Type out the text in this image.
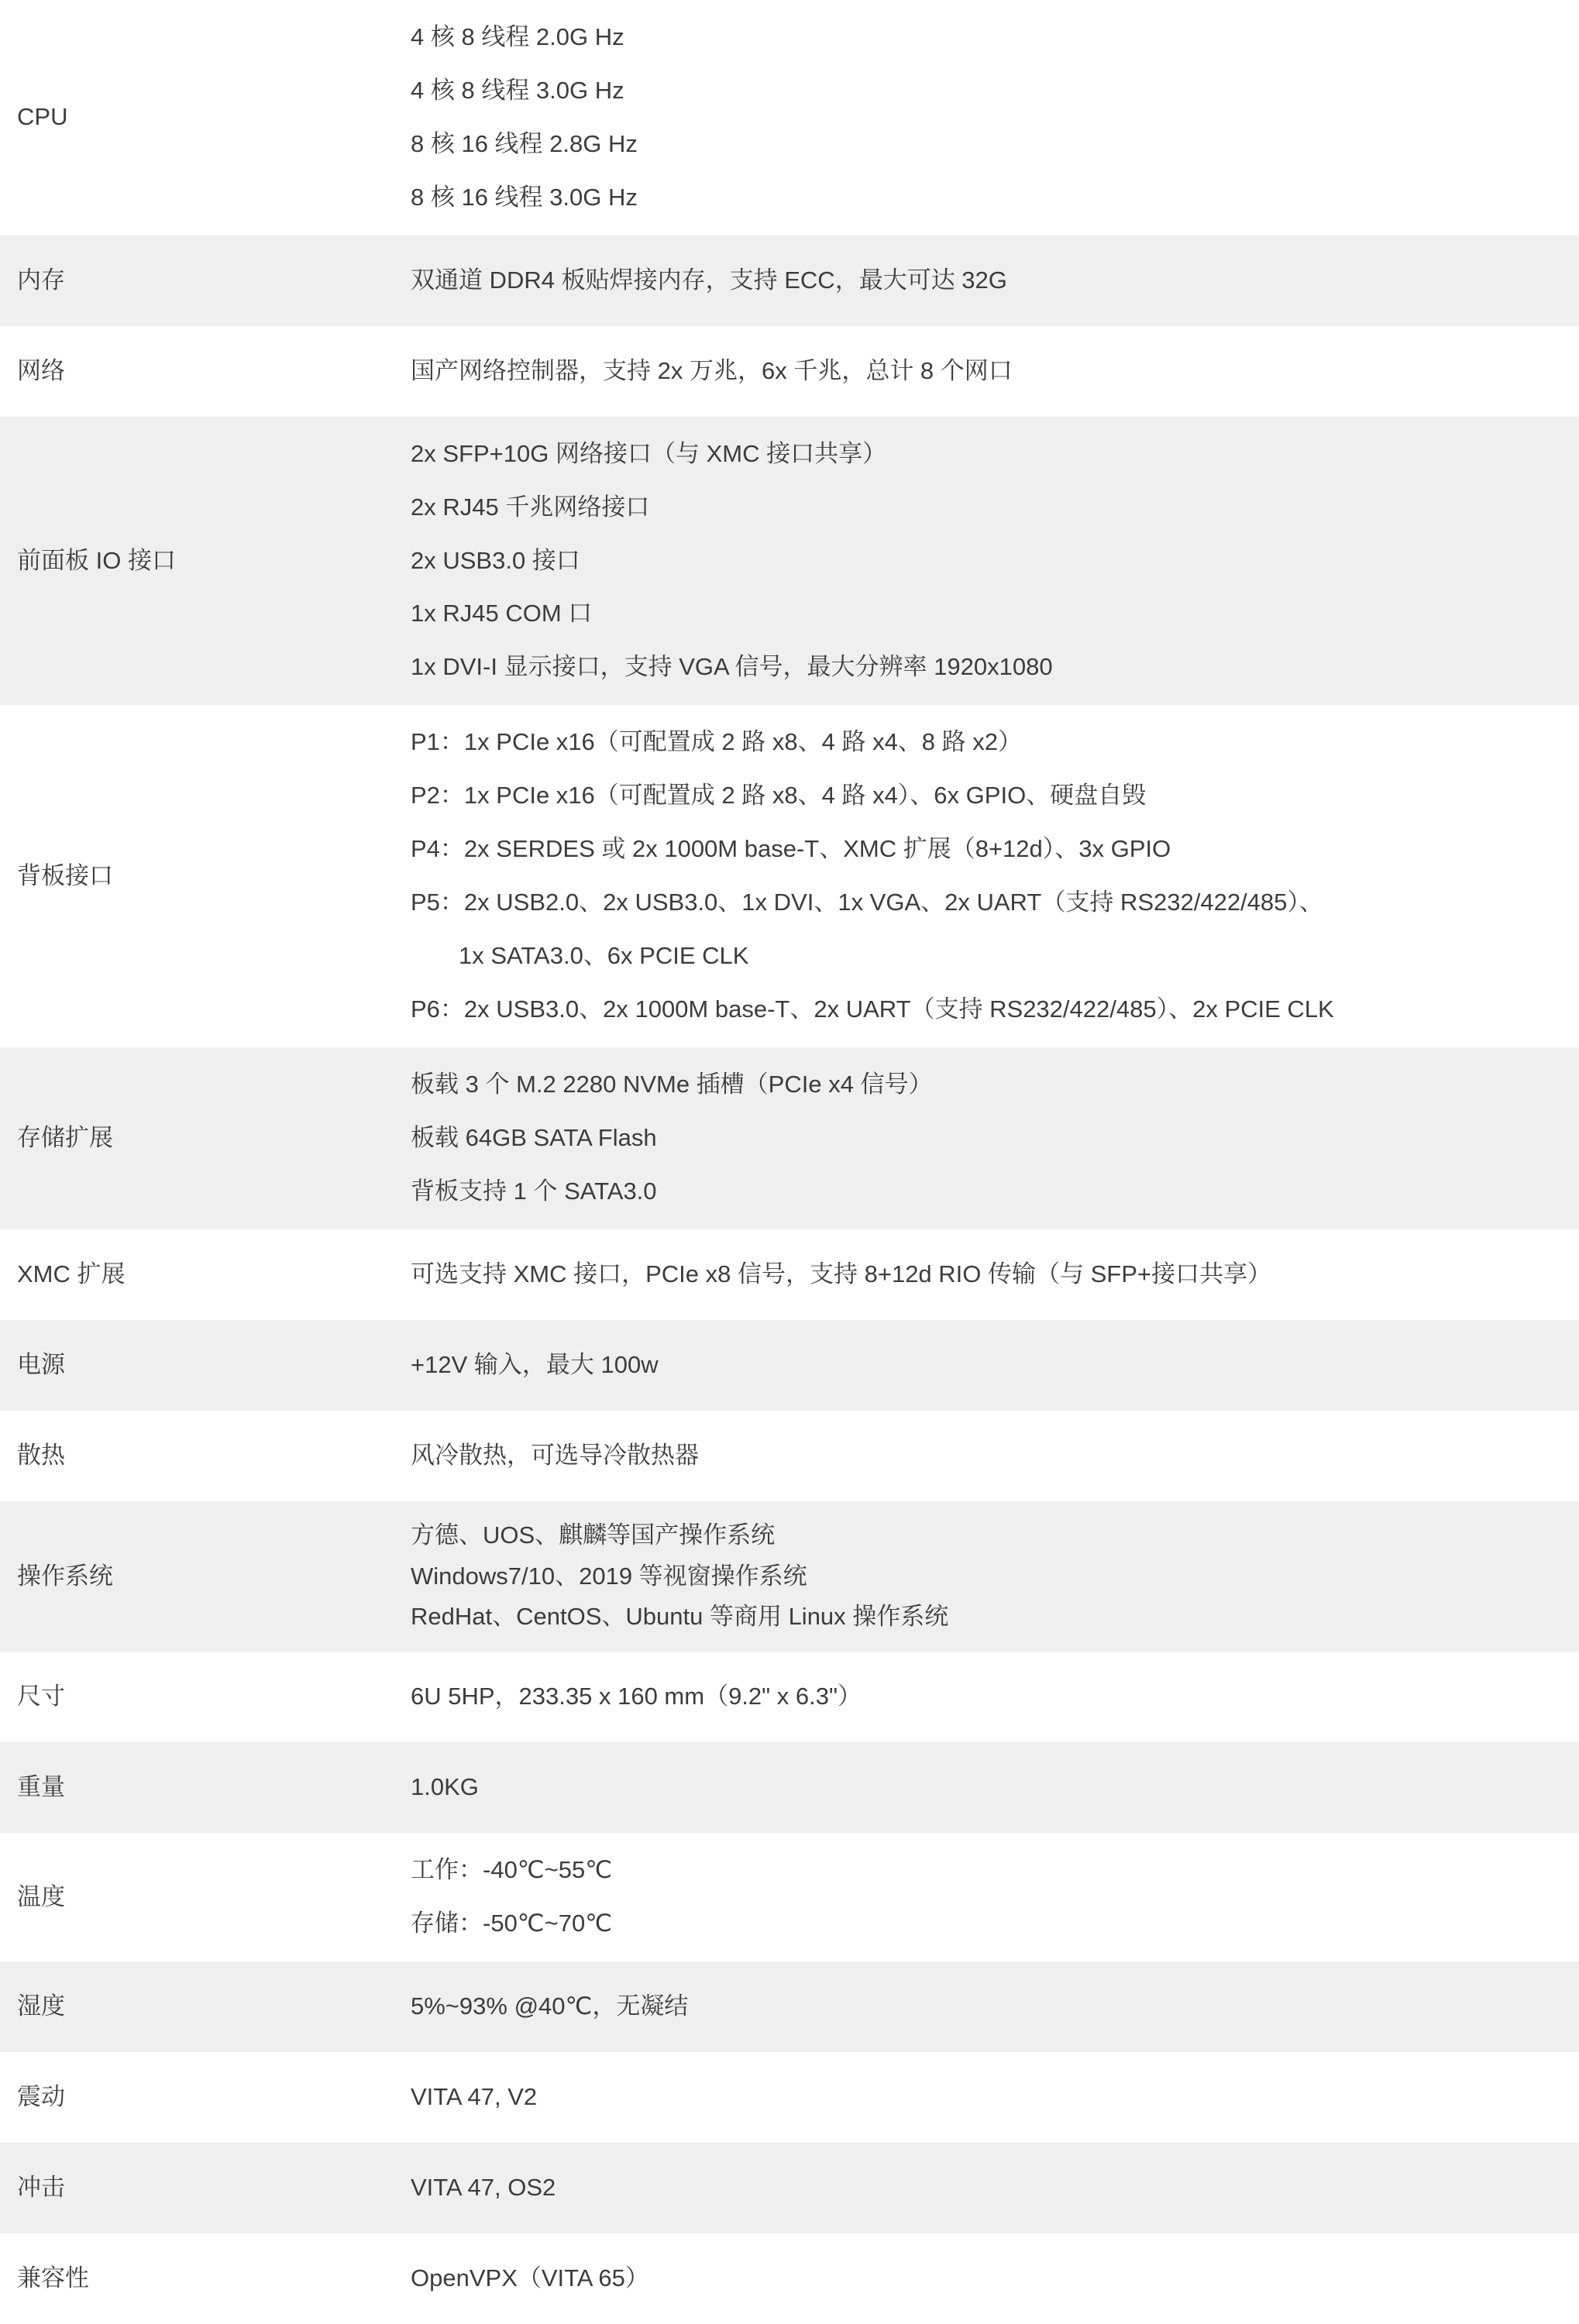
CPU	4 核 8 线程 2.0G Hz
4 核 8 线程 3.0G Hz
8 核 16 线程 2.8G Hz
8 核 16 线程 3.0G Hz

内存	双通道 DDR4 板贴焊接内存，支持 ECC，最大可达 32G

网络	国产网络控制器，支持 2x 万兆，6x 千兆，总计 8 个网口

前面板 IO 接口	2x SFP+10G 网络接口（与 XMC 接口共享）
2x RJ45 千兆网络接口
2x USB3.0 接口
1x RJ45 COM 口
1x DVI-I 显示接口，支持 VGA 信号，最大分辨率 1920x1080

背板接口	
P1：1x PCIe x16（可配置成 2 路 x8、4 路 x4、8 路 x2）
P2：1x PCIe x16（可配置成 2 路 x8、4 路 x4）、6x GPIO、硬盘自毁
P4：2x SERDES 或 2x 1000M base-T、XMC 扩展（8+12d）、3x GPIO
P5：2x USB2.0、2x USB3.0、1x DVI、1x VGA、2x UART（支持 RS232/422/485）、
1x SATA3.0、6x PCIE CLK
P6：2x USB3.0、2x 1000M base-T、2x UART（支持 RS232/422/485）、2x PCIE CLK

存储扩展	板载 3 个 M.2 2280 NVMe 插槽（PCIe x4 信号）
板载 64GB SATA Flash
背板支持 1 个 SATA3.0

XMC 扩展	可选支持 XMC 接口，PCIe x8 信号，支持 8+12d RIO 传输（与 SFP+接口共享）

电源	+12V 输入，最大 100w

散热	风冷散热，可选导冷散热器

操作系统	方德、UOS、麒麟等国产操作系统
Windows7/10、2019 等视窗操作系统
RedHat、CentOS、Ubuntu 等商用 Linux 操作系统

尺寸	6U 5HP，233.35 x 160 mm（9.2" x 6.3"）

重量	1.0KG

温度	工作：-40℃~55℃
存储：-50℃~70℃

湿度	5%~93% @40℃，无凝结

震动	VITA 47, V2

冲击	VITA 47, OS2

兼容性	OpenVPX（VITA 65）
